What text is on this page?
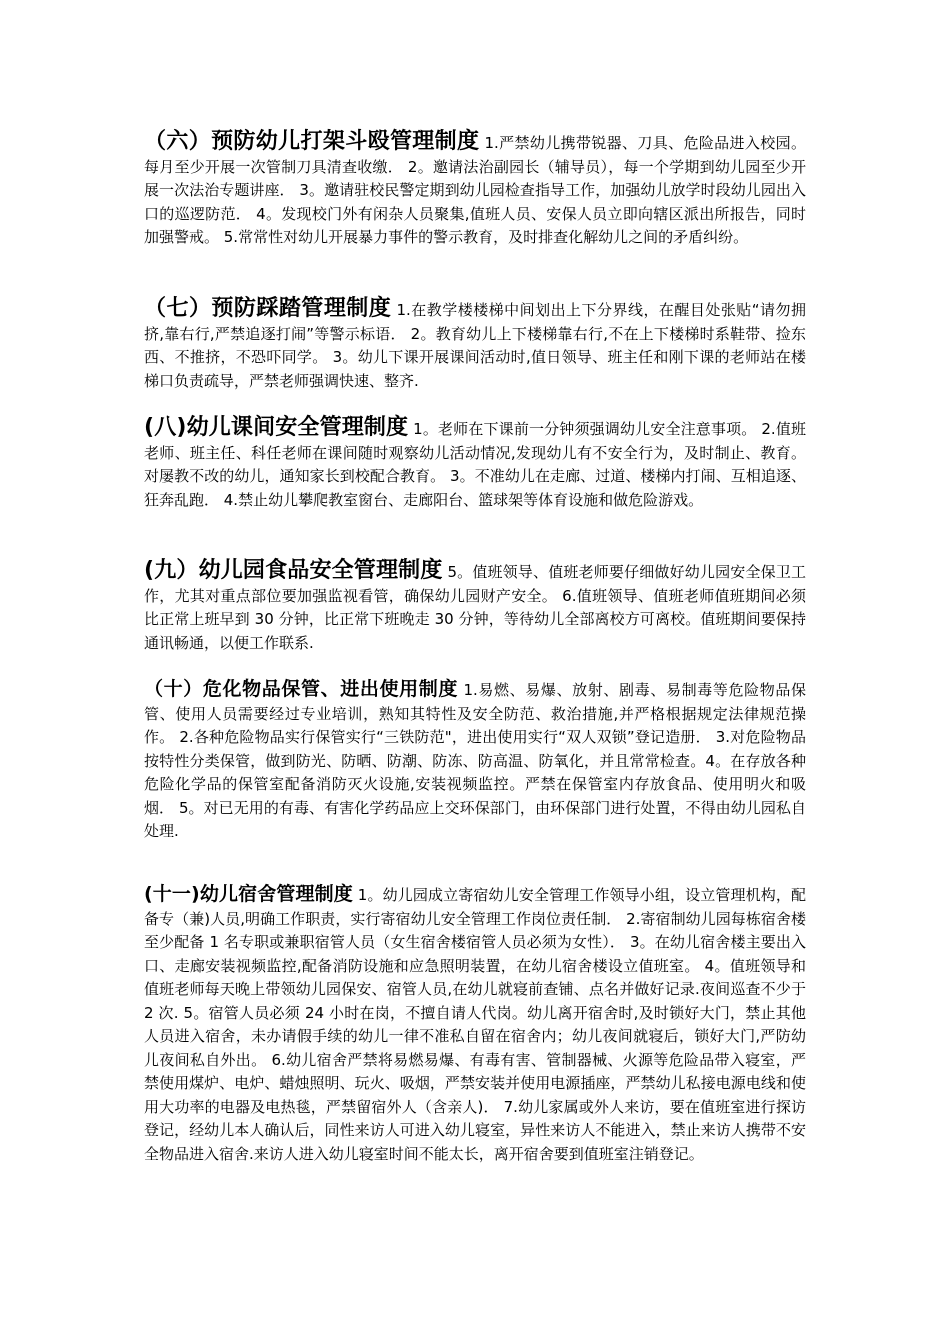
（六）预防幼儿打架斗殴管理制度 1.严禁幼儿携带锐器、刀具、危险品进入校园。每月至少开展一次管制刀具清查收缴． 2。邀请法治副园长（辅导员），每一个学期到幼儿园至少开展一次法治专题讲座． 3。邀请驻校民警定期到幼儿园检查指导工作，加强幼儿放学时段幼儿园出入口的巡逻防范． 4。发现校门外有闲杂人员聚集,值班人员、安保人员立即向辖区派出所报告，同时加强警戒。 5.常常性对幼儿开展暴力事件的警示教育，及时排查化解幼儿之间的矛盾纠纷。
（七）预防踩踏管理制度 1.在教学楼楼梯中间划出上下分界线，在醒目处张贴“请勿拥挤,靠右行,严禁追逐打闹”等警示标语． 2。教育幼儿上下楼梯靠右行,不在上下楼梯时系鞋带、捡东西、不推挤，不恐吓同学。 3。幼儿下课开展课间活动时,值日领导、班主任和刚下课的老师站在楼梯口负责疏导，严禁老师强调快速、整齐.
(八)幼儿课间安全管理制度 1。老师在下课前一分钟须强调幼儿安全注意事项。 2.值班老师、班主任、科任老师在课间随时观察幼儿活动情况,发现幼儿有不安全行为，及时制止、教育。对屡教不改的幼儿，通知家长到校配合教育。 3。不准幼儿在走廊、过道、楼梯内打闹、互相追逐、狂奔乱跑． 4.禁止幼儿攀爬教室窗台、走廊阳台、篮球架等体育设施和做危险游戏。
(九）幼儿园食品安全管理制度 5。值班领导、值班老师要仔细做好幼儿园安全保卫工作，尤其对重点部位要加强监视看管，确保幼儿园财产安全。 6.值班领导、值班老师值班期间必须比正常上班早到 30 分钟，比正常下班晚走 30 分钟，等待幼儿全部离校方可离校。值班期间要保持通讯畅通，以便工作联系.
（十）危化物品保管、进出使用制度 1.易燃、易爆、放射、剧毒、易制毒等危险物品保管、使用人员需要经过专业培训，熟知其特性及安全防范、救治措施,并严格根据规定法律规范操作。 2.各种危险物品实行保管实行“三铁防范"，进出使用实行“双人双锁”登记造册． 3.对危险物品按特性分类保管，做到防光、防晒、防潮、防冻、防高温、防氧化，并且常常检查。4。在存放各种危险化学品的保管室配备消防灭火设施,安装视频监控。严禁在保管室内存放食品、使用明火和吸烟． 5。对已无用的有毒、有害化学药品应上交环保部门，由环保部门进行处置，不得由幼儿园私自处理.
(十一)幼儿宿舍管理制度 1。幼儿园成立寄宿幼儿安全管理工作领导小组，设立管理机构，配备专（兼)人员,明确工作职责，实行寄宿幼儿安全管理工作岗位责任制． 2.寄宿制幼儿园每栋宿舍楼至少配备 1 名专职或兼职宿管人员（女生宿舍楼宿管人员必须为女性）． 3。在幼儿宿舍楼主要出入口、走廊安装视频监控,配备消防设施和应急照明装置，在幼儿宿舍楼设立值班室。 4。值班领导和值班老师每天晚上带领幼儿园保安、宿管人员,在幼儿就寝前查铺、点名并做好记录.夜间巡查不少于 2 次. 5。宿管人员必须 24 小时在岗，不擅自请人代岗。幼儿离开宿舍时,及时锁好大门，禁止其他人员进入宿舍，未办请假手续的幼儿一律不准私自留在宿舍内；幼儿夜间就寝后，锁好大门,严防幼儿夜间私自外出。 6.幼儿宿舍严禁将易燃易爆、有毒有害、管制器械、火源等危险品带入寝室，严禁使用煤炉、电炉、蜡烛照明、玩火、吸烟，严禁安装并使用电源插座，严禁幼儿私接电源电线和使用大功率的电器及电热毯，严禁留宿外人（含亲人)． 7.幼儿家属或外人来访，要在值班室进行探访登记，经幼儿本人确认后，同性来访人可进入幼儿寝室，异性来访人不能进入，禁止来访人携带不安全物品进入宿舍.来访人进入幼儿寝室时间不能太长，离开宿舍要到值班室注销登记。
